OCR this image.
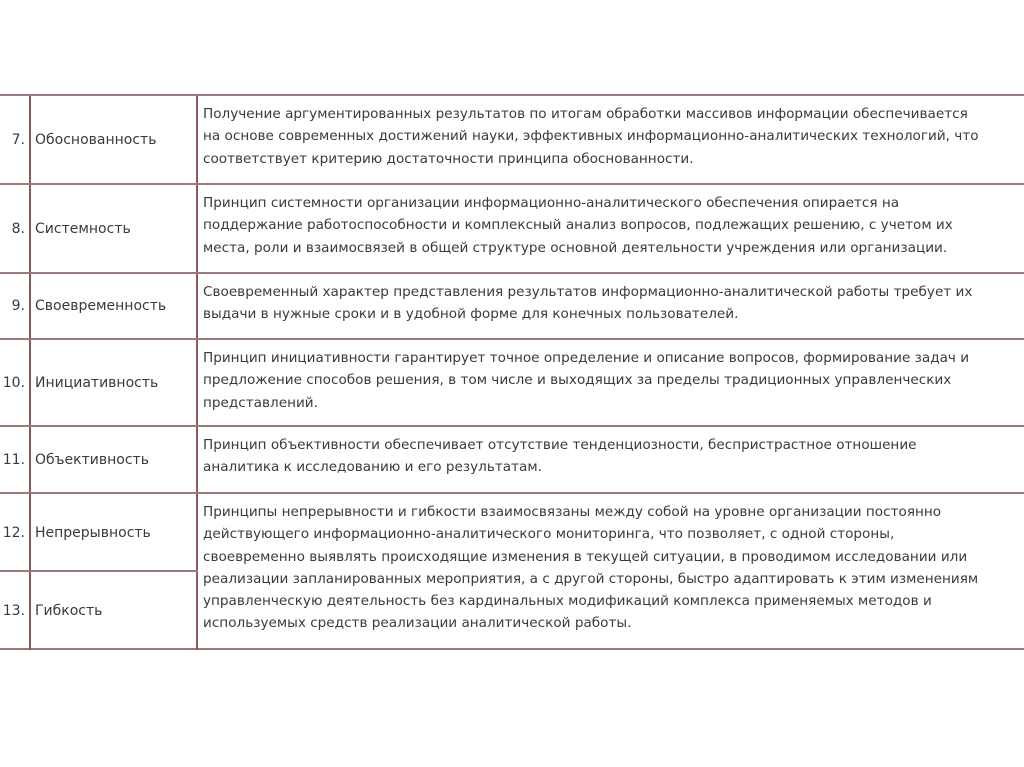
7. Обоснованность
Получение аргументированных результатов по итогам обработки массивов информации обеспечивается
на основе современных достижений науки, эффективных информационно-аналитических технологий, что
соответствует критерию достаточности принципа обоснованности.
8. Системность
Принцип системности организации информационно-аналитического обеспечения опирается на
поддержание работоспособности и комплексный анализ вопросов, подлежащих решению, с учетом их
места, роли и взаимосвязей в общей структуре основной деятельности учреждения или организации.
9. Своевременность
Своевременный характер представления результатов информационно-аналитической работы требует их
выдачи в нужные сроки и в удобной форме для конечных пользователей.
10. Инициативность
Принцип инициативности гарантирует точное определение и описание вопросов, формирование задач и
предложение способов решения, в том числе и выходящих за пределы традиционных управленческих
представлений.
11. Объективность
Принцип объективности обеспечивает отсутствие тенденциозности, беспристрастное отношение
аналитика к исследованию и его результатам.
12. Непрерывность
13. Гибкость
Принципы непрерывности и гибкости взаимосвязаны между собой на уровне организации постоянно
действующего информационно-аналитического мониторинга, что позволяет, с одной стороны,
своевременно выявлять происходящие изменения в текущей ситуации, в проводимом исследовании или
реализации запланированных мероприятия, а с другой стороны, быстро адаптировать к этим изменениям
управленческую деятельность без кардинальных модификаций комплекса применяемых методов и
используемых средств реализации аналитической работы.
